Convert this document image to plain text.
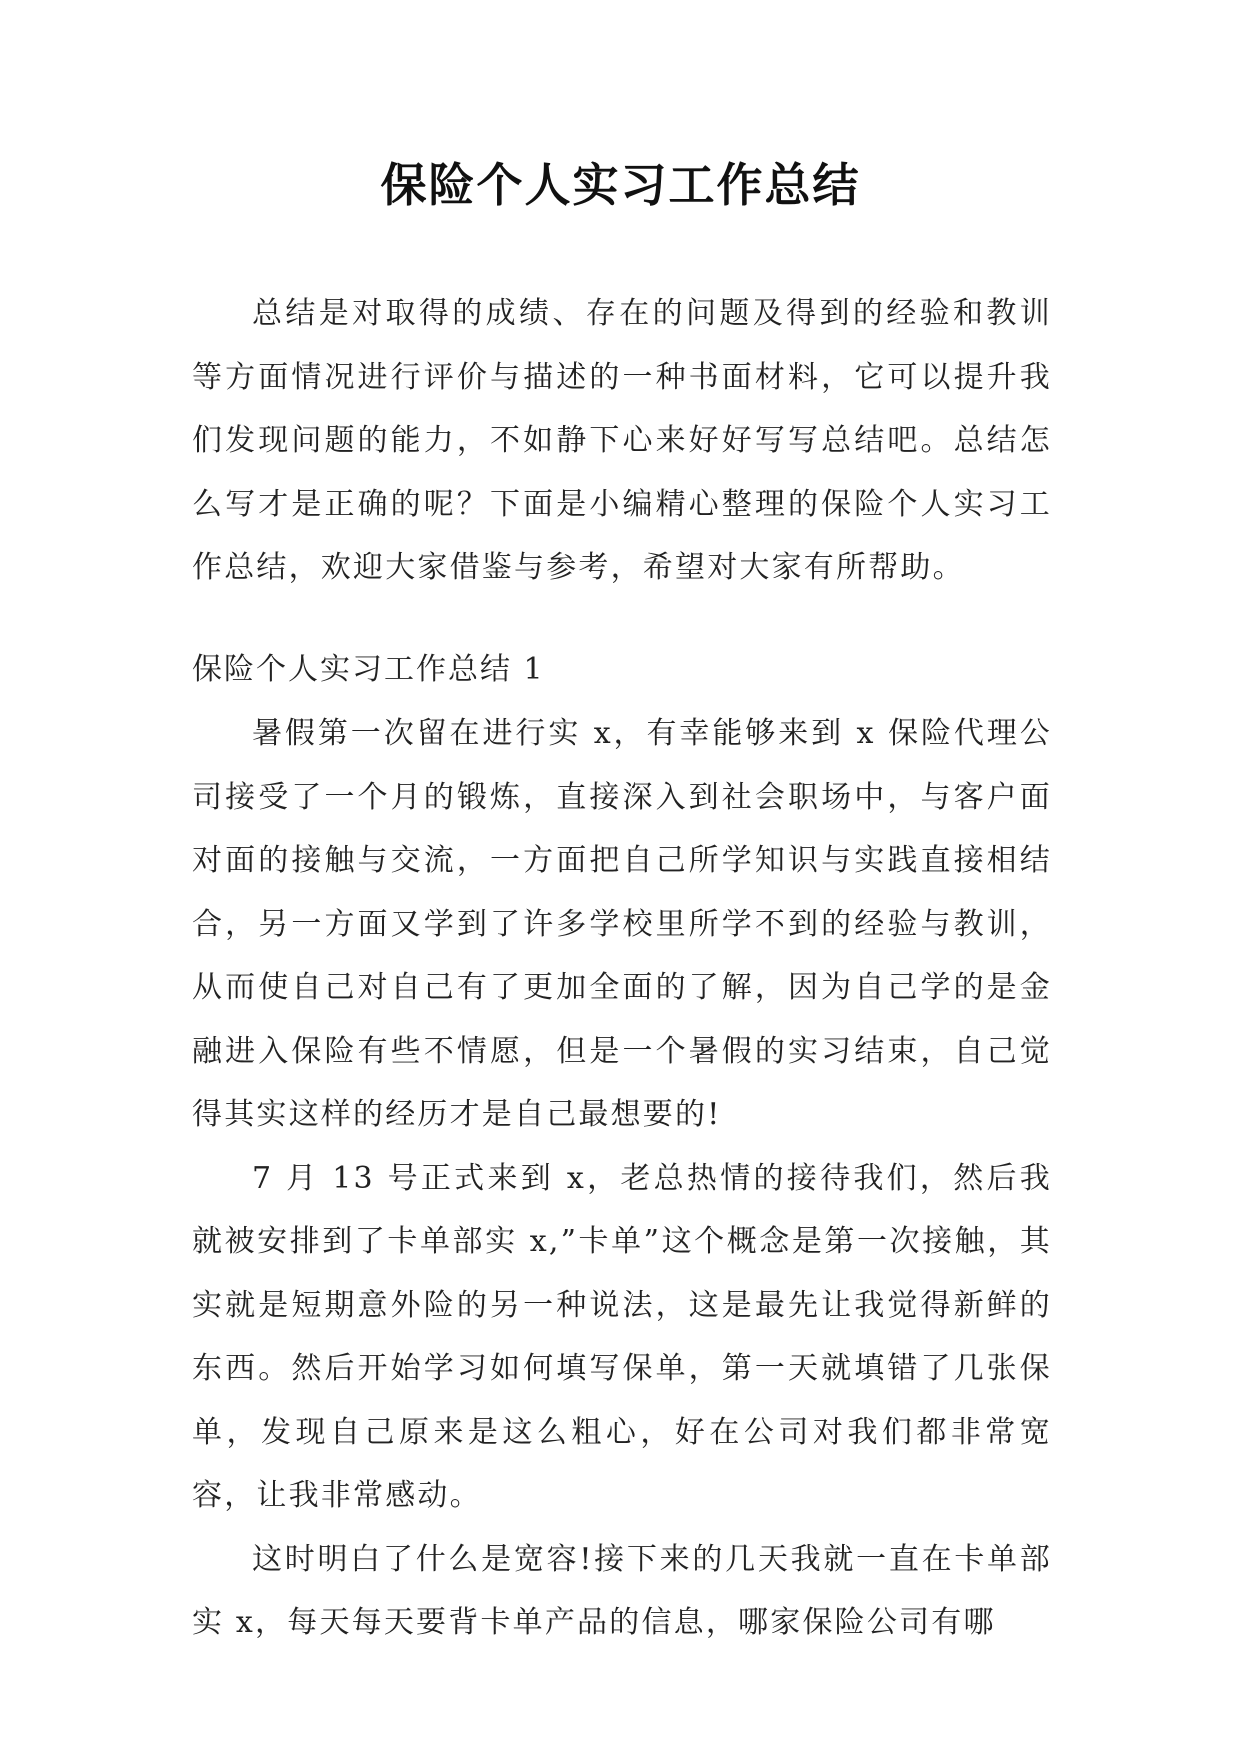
保险个人实习工作总结

总结是对取得的成绩、存在的问题及得到的经验和教训等方面情况进行评价与描述的一种书面材料，它可以提升我们发现问题的能力，不如静下心来好好写写总结吧。总结怎么写才是正确的呢？下面是小编精心整理的保险个人实习工作总结，欢迎大家借鉴与参考，希望对大家有所帮助。

保险个人实习工作总结 1

暑假第一次留在进行实 x，有幸能够来到 x 保险代理公司接受了一个月的锻炼，直接深入到社会职场中，与客户面对面的接触与交流，一方面把自己所学知识与实践直接相结合，另一方面又学到了许多学校里所学不到的经验与教训，从而使自己对自己有了更加全面的了解，因为自己学的是金融进入保险有些不情愿，但是一个暑假的实习结束，自己觉得其实这样的经历才是自己最想要的!

7 月 13 号正式来到 x，老总热情的接待我们，然后我就被安排到了卡单部实 x,”卡单”这个概念是第一次接触，其实就是短期意外险的另一种说法，这是最先让我觉得新鲜的东西。然后开始学习如何填写保单，第一天就填错了几张保单，发现自己原来是这么粗心，好在公司对我们都非常宽容，让我非常感动。

这时明白了什么是宽容!接下来的几天我就一直在卡单部实 x，每天每天要背卡单产品的信息，哪家保险公司有哪
